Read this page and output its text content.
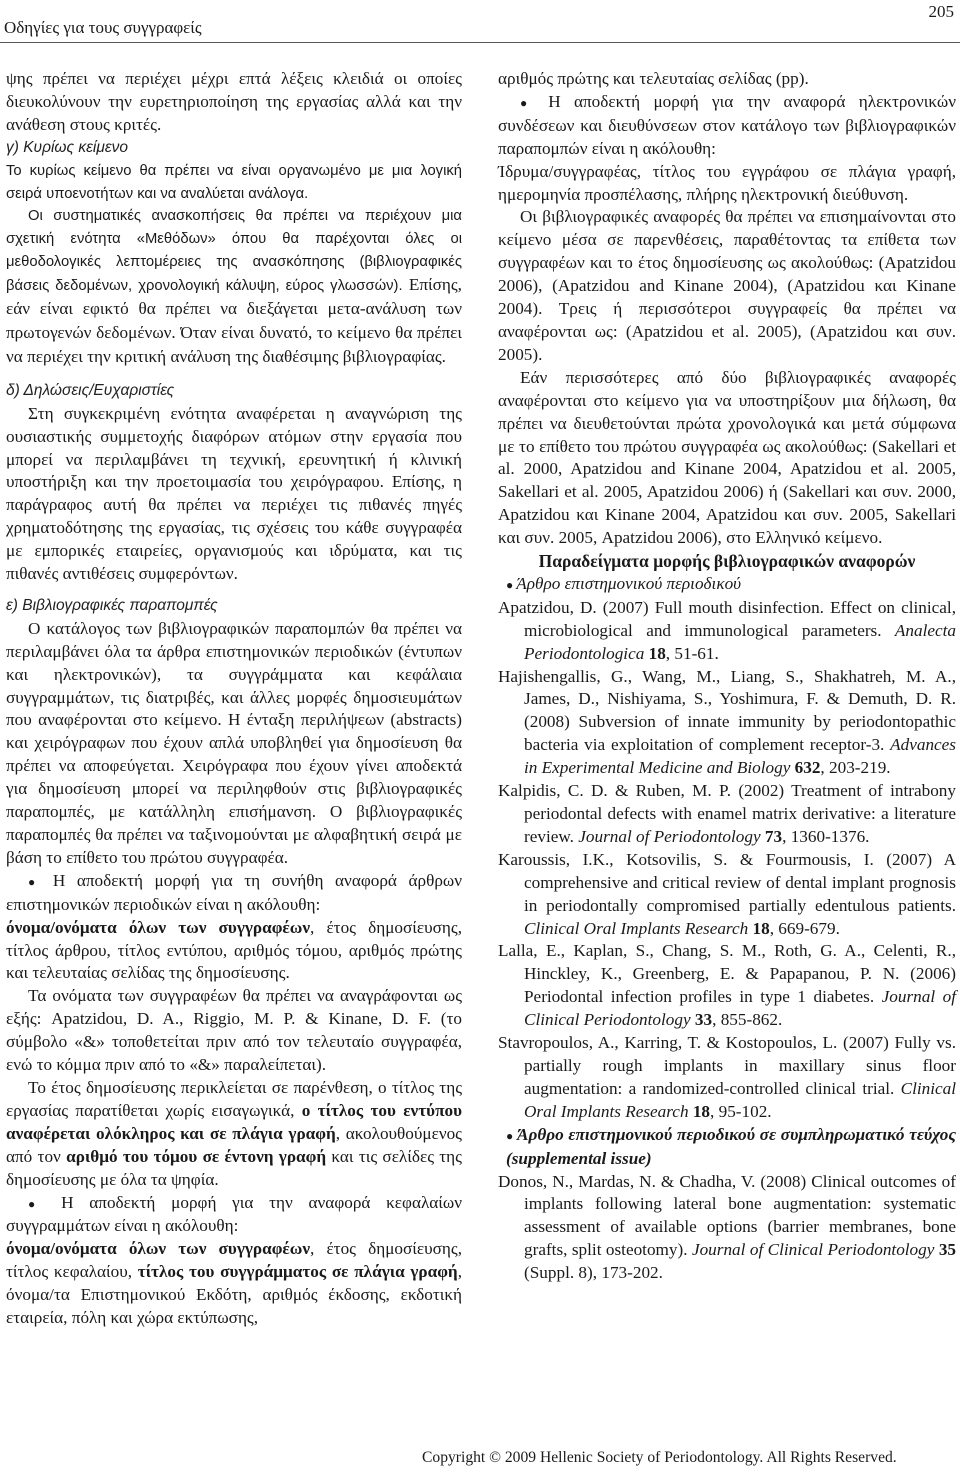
Οδηγίες για τους συγγραφείς
205

ψης πρέπει να περιέχει μέχρι επτά λέξεις κλειδιά οι οποίες διευκολύνουν την ευρετηριοποίηση της εργασίας αλλά και την ανάθεση στους κριτές.

γ) Κυρίως κείμενο

Το κυρίως κείμενο θα πρέπει να είναι οργανωμένο με μια λογική σειρά υποενοτήτων και να αναλύεται ανάλογα.

Οι συστηματικές ανασκοπήσεις θα πρέπει να περιέχουν μια σχετική ενότητα «Μεθόδων» όπου θα παρέχονται όλες οι μεθοδολογικές λεπτομέρειες της ανασκόπησης (βιβλιογραφικές βάσεις δεδομένων, χρονολογική κάλυψη, εύρος γλωσσών). Επίσης, εάν είναι εφικτό θα πρέπει να διεξάγεται μετα-ανάλυση των πρωτογενών δεδομένων. Όταν είναι δυνατό, το κείμενο θα πρέπει να περιέχει την κριτική ανάλυση της διαθέσιμης βιβλιογραφίας.

δ) Δηλώσεις/Ευχαριστίες

Στη συγκεκριμένη ενότητα αναφέρεται η αναγνώριση της ουσιαστικής συμμετοχής διαφόρων ατόμων στην εργασία που μπορεί να περιλαμβάνει τη τεχνική, ερευνητική ή κλινική υποστήριξη και την προετοιμασία του χειρόγραφου. Επίσης, η παράγραφος αυτή θα πρέπει να περιέχει τις πιθανές πηγές χρηματοδότησης της εργασίας, τις σχέσεις του κάθε συγγραφέα με εμπορικές εταιρείες, οργανισμούς και ιδρύματα, και τις πιθανές αντιθέσεις συμφερόντων.

ε) Βιβλιογραφικές παραπομπές

Ο κατάλογος των βιβλιογραφικών παραπομπών θα πρέπει να περιλαμβάνει όλα τα άρθρα επιστημονικών περιοδικών (έντυπων και ηλεκτρονικών), τα συγγράμματα και κεφάλαια συγγραμμάτων, τις διατριβές, και άλλες μορφές δημοσιευμάτων που αναφέρονται στο κείμενο. Η ένταξη περιλήψεων (abstracts) και χειρόγραφων που έχουν απλά υποβληθεί για δημοσίευση θα πρέπει να αποφεύγεται. Χειρόγραφα που έχουν γίνει αποδεκτά για δημοσίευση μπορεί να περιληφθούν στις βιβλιογραφικές παραπομπές, με κατάλληλη επισήμανση. Ο βιβλιογραφικές παραπομπές θα πρέπει να ταξινομούνται με αλφαβητική σειρά με βάση το επίθετο του πρώτου συγγραφέα.

● Η αποδεκτή μορφή για τη συνήθη αναφορά άρθρων επιστημονικών περιοδικών είναι η ακόλουθη:
όνομα/ονόματα όλων των συγγραφέων, έτος δημοσίευσης, τίτλος άρθρου, τίτλος εντύπου, αριθμός τόμου, αριθμός πρώτης και τελευταίας σελίδας της δημοσίευσης.

Τα ονόματα των συγγραφέων θα πρέπει να αναγράφονται ως εξής: Apatzidou, D. A., Riggio, M. P. & Kinane, D. F. (το σύμβολο «&» τοποθετείται πριν από τον τελευταίο συγγραφέα, ενώ το κόμμα πριν από το «&» παραλείπεται).

Το έτος δημοσίευσης περικλείεται σε παρένθεση, ο τίτλος της εργασίας παρατίθεται χωρίς εισαγωγικά, ο τίτλος του εντύπου αναφέρεται ολόκληρος και σε πλάγια γραφή, ακολουθούμενος από τον αριθμό του τόμου σε έντονη γραφή και τις σελίδες της δημοσίευσης με όλα τα ψηφία.

● Η αποδεκτή μορφή για την αναφορά κεφαλαίων συγγραμμάτων είναι η ακόλουθη:
όνομα/ονόματα όλων των συγγραφέων, έτος δημοσίευσης, τίτλος κεφαλαίου, τίτλος του συγγράμματος σε πλάγια γραφή, όνομα/τα Επιστημονικού Εκδότη, αριθμός έκδοσης, εκδοτική εταιρεία, πόλη και χώρα εκτύπωσης,

αριθμός πρώτης και τελευταίας σελίδας (pp).

● Η αποδεκτή μορφή για την αναφορά ηλεκτρονικών συνδέσεων και διευθύνσεων στον κατάλογο των βιβλιογραφικών παραπομπών είναι η ακόλουθη:

Ίδρυμα/συγγραφέας, τίτλος του εγγράφου σε πλάγια γραφή, ημερομηνία προσπέλασης, πλήρης ηλεκτρονική διεύθυνση.

Οι βιβλιογραφικές αναφορές θα πρέπει να επισημαίνονται στο κείμενο μέσα σε παρενθέσεις, παραθέτοντας τα επίθετα των συγγραφέων και το έτος δημοσίευσης ως ακολούθως: (Apatzidou 2006), (Apatzidou and Kinane 2004), (Apatzidou και Kinane 2004). Τρεις ή περισσότεροι συγγραφείς θα πρέπει να αναφέρονται ως: (Apatzidou et al. 2005), (Apatzidou και συν. 2005).

Εάν περισσότερες από δύο βιβλιογραφικές αναφορές αναφέρονται στο κείμενο για να υποστηρίξουν μια δήλωση, θα πρέπει να διευθετούνται πρώτα χρονολογικά και μετά σύμφωνα με το επίθετο του πρώτου συγγραφέα ως ακολούθως: (Sakellari et al. 2000, Apatzidou and Kinane 2004, Apatzidou et al. 2005, Sakellari et al. 2005, Apatzidou 2006) ή (Sakellari και συν. 2000, Apatzidou και Kinane 2004, Apatzidou και συν. 2005, Sakellari και συν. 2005, Apatzidou 2006), στο Ελληνικό κείμενο.

Παραδείγματα μορφής βιβλιογραφικών αναφορών

● Άρθρο επιστημονικού περιοδικού

Apatzidou, D. (2007) Full mouth disinfection. Effect on clinical, microbiological and immunological parameters. Analecta Periodontologica 18, 51-61.

Hajishengallis, G., Wang, M., Liang, S., Shakhatreh, M. A., James, D., Nishiyama, S., Yoshimura, F. & Demuth, D. R. (2008) Subversion of innate immunity by periodontopathic bacteria via exploitation of complement receptor-3. Advances in Experimental Medicine and Biology 632, 203-219.

Kalpidis, C. D. & Ruben, M. P. (2002) Treatment of intrabony periodontal defects with enamel matrix derivative: a literature review. Journal of Periodontology 73, 1360-1376.

Karoussis, I.K., Kotsovilis, S. & Fourmousis, I. (2007) A comprehensive and critical review of dental implant prognosis in periodontally compromised partially edentulous patients. Clinical Oral Implants Research 18, 669-679.

Lalla, E., Kaplan, S., Chang, S. M., Roth, G. A., Celenti, R., Hinckley, K., Greenberg, E. & Papapanou, P. N. (2006) Periodontal infection profiles in type 1 diabetes. Journal of Clinical Periodontology 33, 855-862.

Stavropoulos, A., Karring, T. & Kostopoulos, L. (2007) Fully vs. partially rough implants in maxillary sinus floor augmentation: a randomized-controlled clinical trial. Clinical Oral Implants Research 18, 95-102.

● Άρθρο επιστημονικού περιοδικού σε συμπληρωματικό τεύχος (supplemental issue)

Donos, N., Mardas, N. & Chadha, V. (2008) Clinical outcomes of implants following lateral bone augmentation: systematic assessment of available options (barrier membranes, bone grafts, split osteotomy). Journal of Clinical Periodontology 35 (Suppl. 8), 173-202.

Copyright © 2009 Hellenic Society of Periodontology. All Rights Reserved.
